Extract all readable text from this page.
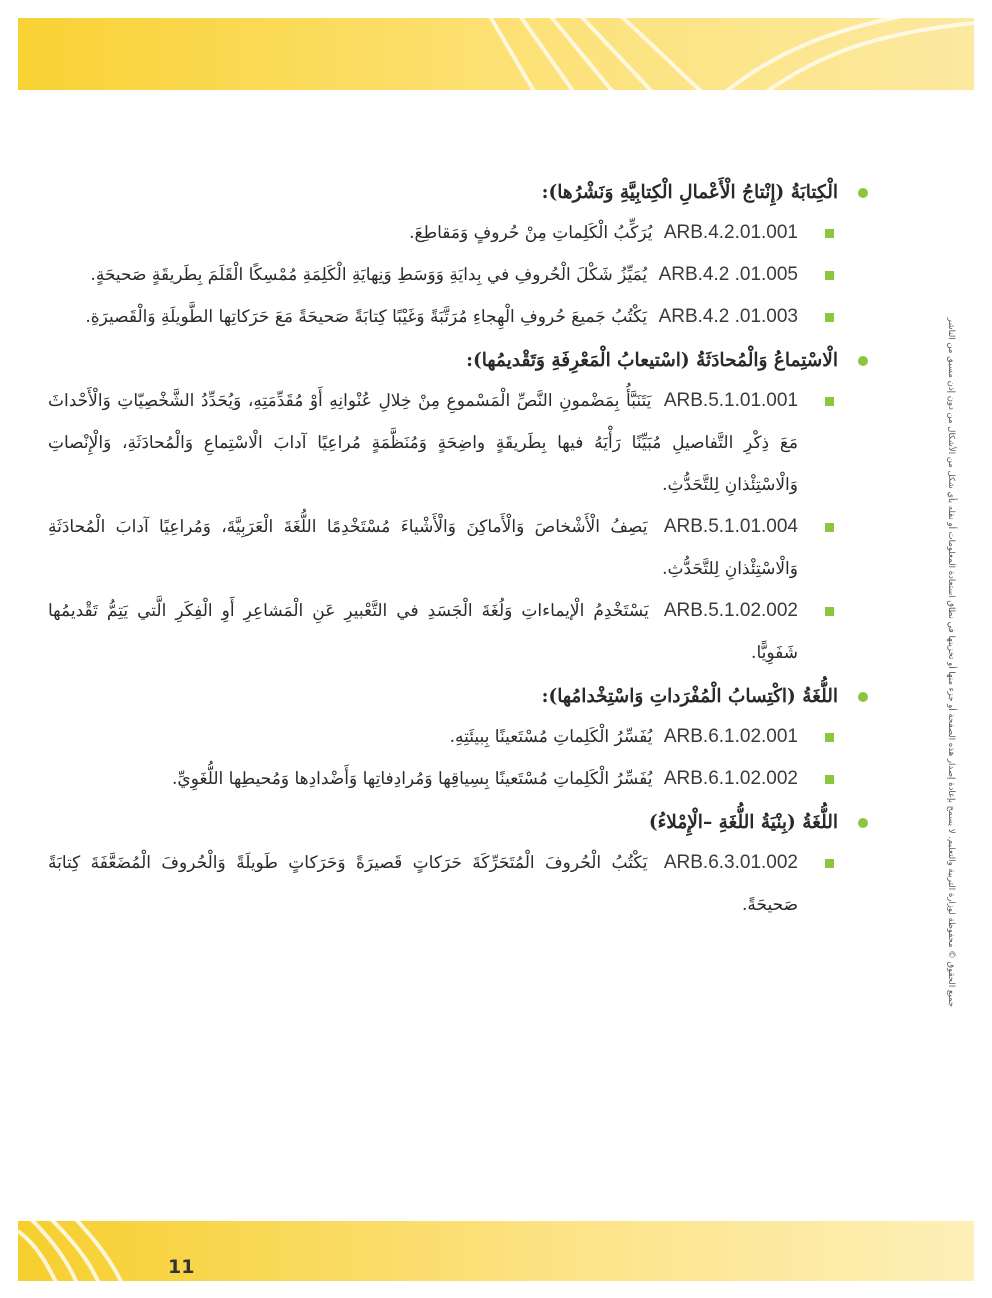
جميع الحقوق © محفوظة لوزارة التربية والتعليم. لا يسمح بإعادة إصدار هذه الصفحة أو جزء منها أو تخزينها في نطاق استعادة المعلومات أو نقله بأي شكل من الأشكال من دون إذن مسبق من الناشر
الْكِتابَةُ (إِنْتاجُ الْأَعْمالِ الْكِتابِيَّةِ وَنَشْرُها):
ARB.4.2.01.001 يُرَكِّبُ الْكَلِماتِ مِنْ حُروفٍ وَمَقاطِعَ.
ARB.4.2 .01.005 يُمَيِّزُ شَكْلَ الْحُروفِ في بِدايَةِ وَوَسَطِ وَنِهايَةِ الْكَلِمَةِ مُمْسِكًا الْقَلَمَ بِطَريقَةٍ صَحيحَةٍ.
ARB.4.2 .01.003 يَكْتُبُ جَميعَ حُروفِ الْهِجاءِ مُرَتَّبَةً وَغَيْبًا كِتابَةً صَحيحَةً مَعَ حَرَكاتِها الطَّويلَةِ وَالْقَصيرَةِ.
الْاسْتِماعُ وَالْمُحادَثَةُ (اسْتيعابُ الْمَعْرِفَةِ وَتَقْديمُها):
ARB.5.1.01.001 يَتَنَبَّأُ بِمَضْمونِ النَّصِّ الْمَسْموعِ مِنْ خِلالِ عُنْوانِهِ أَوْ مُقَدِّمَتِهِ، وَيُحَدِّدُ الشَّخْصِيّاتِ وَالْأَحْداثَ مَعَ ذِكْرِ التَّفاصيلِ مُبَيِّنًا رَأْيَهُ فيها بِطَريقَةٍ واضِحَةٍ وَمُنَظَّمَةٍ مُراعِيًا آدابَ الْاسْتِماعِ وَالْمُحادَثَةِ، وَالْإِنْصاتِ وَالْاسْتِئْذانِ لِلتَّحَدُّثِ.
ARB.5.1.01.004 يَصِفُ الْأَشْخاصَ وَالْأَماكِنَ وَالْأَشْياءَ مُسْتَخْدِمًا اللُّغَةَ الْعَرَبِيَّةَ، وَمُراعِيًا آدابَ الْمُحادَثَةِ وَالْاسْتِئْذانِ لِلتَّحَدُّثِ.
ARB.5.1.02.002 يَسْتَخْدِمُ الْإيماءاتِ وَلُغَةَ الْجَسَدِ في التَّعْبيرِ عَنِ الْمَشاعِرِ أَوِ الْفِكَرِ الَّتي يَتِمُّ تَقْديمُها شَفَوِيًّا.
اللُّغَةُ (اكْتِسابُ الْمُفْرَداتِ وَاسْتِخْدامُها):
ARB.6.1.02.001 يُفَسِّرُ الْكَلِماتِ مُسْتَعينًا بِبيئَتِهِ.
ARB.6.1.02.002 يُفَسِّرُ الْكَلِماتِ مُسْتَعينًا بِسِياقِها وَمُرادِفاتِها وَأَضْدادِها وَمُحيطِها اللُّغَوِيِّ.
اللُّغَةُ (بِنْيَةُ اللُّغَةِ –الْإِمْلاءُ)
ARB.6.3.01.002 يَكْتُبُ الْحُروفَ الْمُتَحَرِّكَةَ حَرَكاتٍ قَصيرَةً وَحَرَكاتٍ طَويلَةً وَالْحُروفَ الْمُضَعَّفَةَ كِتابَةً صَحيحَةً.
11
